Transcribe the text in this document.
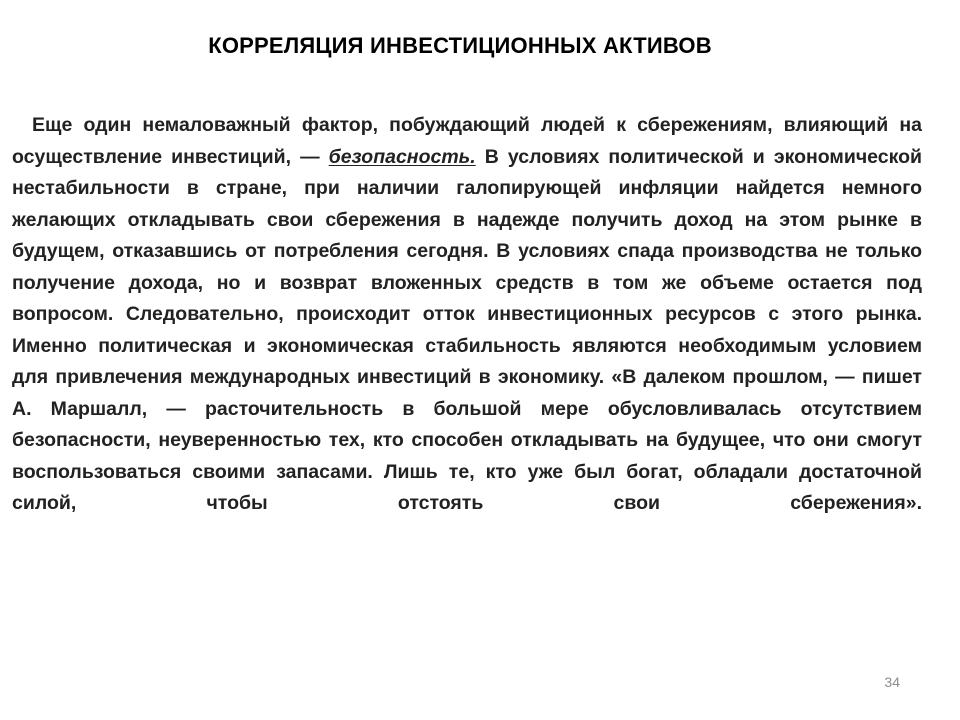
КОРРЕЛЯЦИЯ ИНВЕСТИЦИОННЫХ АКТИВОВ
Еще один немаловажный фактор, побуждающий людей к сбережениям, влияющий на осуществление инвестиций, — безопасность. В условиях политической и экономической нестабильности в стране, при наличии галопирующей инфляции найдется немного желающих откладывать свои сбережения в надежде получить доход на этом рынке в будущем, отказавшись от потребления сегодня. В условиях спада производства не только получение дохода, но и возврат вложенных средств в том же объеме остается под вопросом. Следовательно, происходит отток инвестиционных ресурсов с этого рынка. Именно политическая и экономическая стабильность являются необходимым условием для привлечения международных инвестиций в экономику. «В далеком прошлом, — пишет А. Маршалл, — расточительность в большой мере обусловливалась отсутствием безопасности, неуверенностью тех, кто способен откладывать на будущее, что они смогут воспользоваться своими запасами. Лишь те, кто уже был богат, обладали достаточной силой, чтобы отстоять свои сбережения».
34
